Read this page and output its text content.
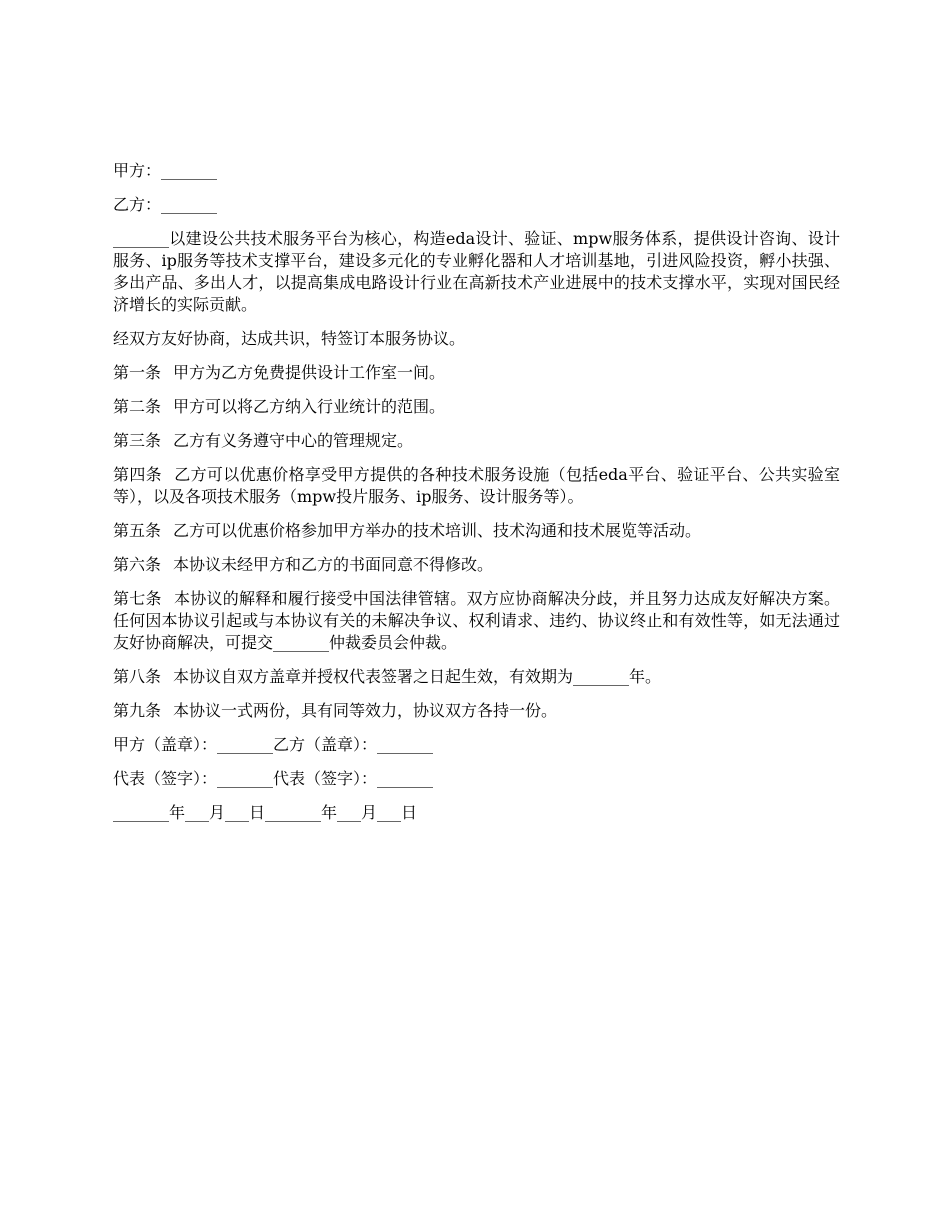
甲方：_______

乙方：_______

_______以建设公共技术服务平台为核心，构造eda设计、验证、mpw服务体系，提供设计咨询、设计服务、ip服务等技术支撑平台，建设多元化的专业孵化器和人才培训基地，引进风险投资，孵小扶强、多出产品、多出人才，以提高集成电路设计行业在高新技术产业进展中的技术支撑水平，实现对国民经济增长的实际贡献。

经双方友好协商，达成共识，特签订本服务协议。

第一条 甲方为乙方免费提供设计工作室一间。

第二条 甲方可以将乙方纳入行业统计的范围。

第三条 乙方有义务遵守中心的管理规定。

第四条 乙方可以优惠价格享受甲方提供的各种技术服务设施（包括eda平台、验证平台、公共实验室等），以及各项技术服务（mpw投片服务、ip服务、设计服务等）。

第五条 乙方可以优惠价格参加甲方举办的技术培训、技术沟通和技术展览等活动。

第六条 本协议未经甲方和乙方的书面同意不得修改。

第七条 本协议的解释和履行接受中国法律管辖。双方应协商解决分歧，并且努力达成友好解决方案。任何因本协议引起或与本协议有关的未解决争议、权利请求、违约、协议终止和有效性等，如无法通过友好协商解决，可提交_______仲裁委员会仲裁。

第八条 本协议自双方盖章并授权代表签署之日起生效，有效期为_______年。

第九条 本协议一式两份，具有同等效力，协议双方各持一份。

甲方（盖章）：_______乙方（盖章）：_______

代表（签字）：_______代表（签字）：_______

_______年___月___日_______年___月___日
